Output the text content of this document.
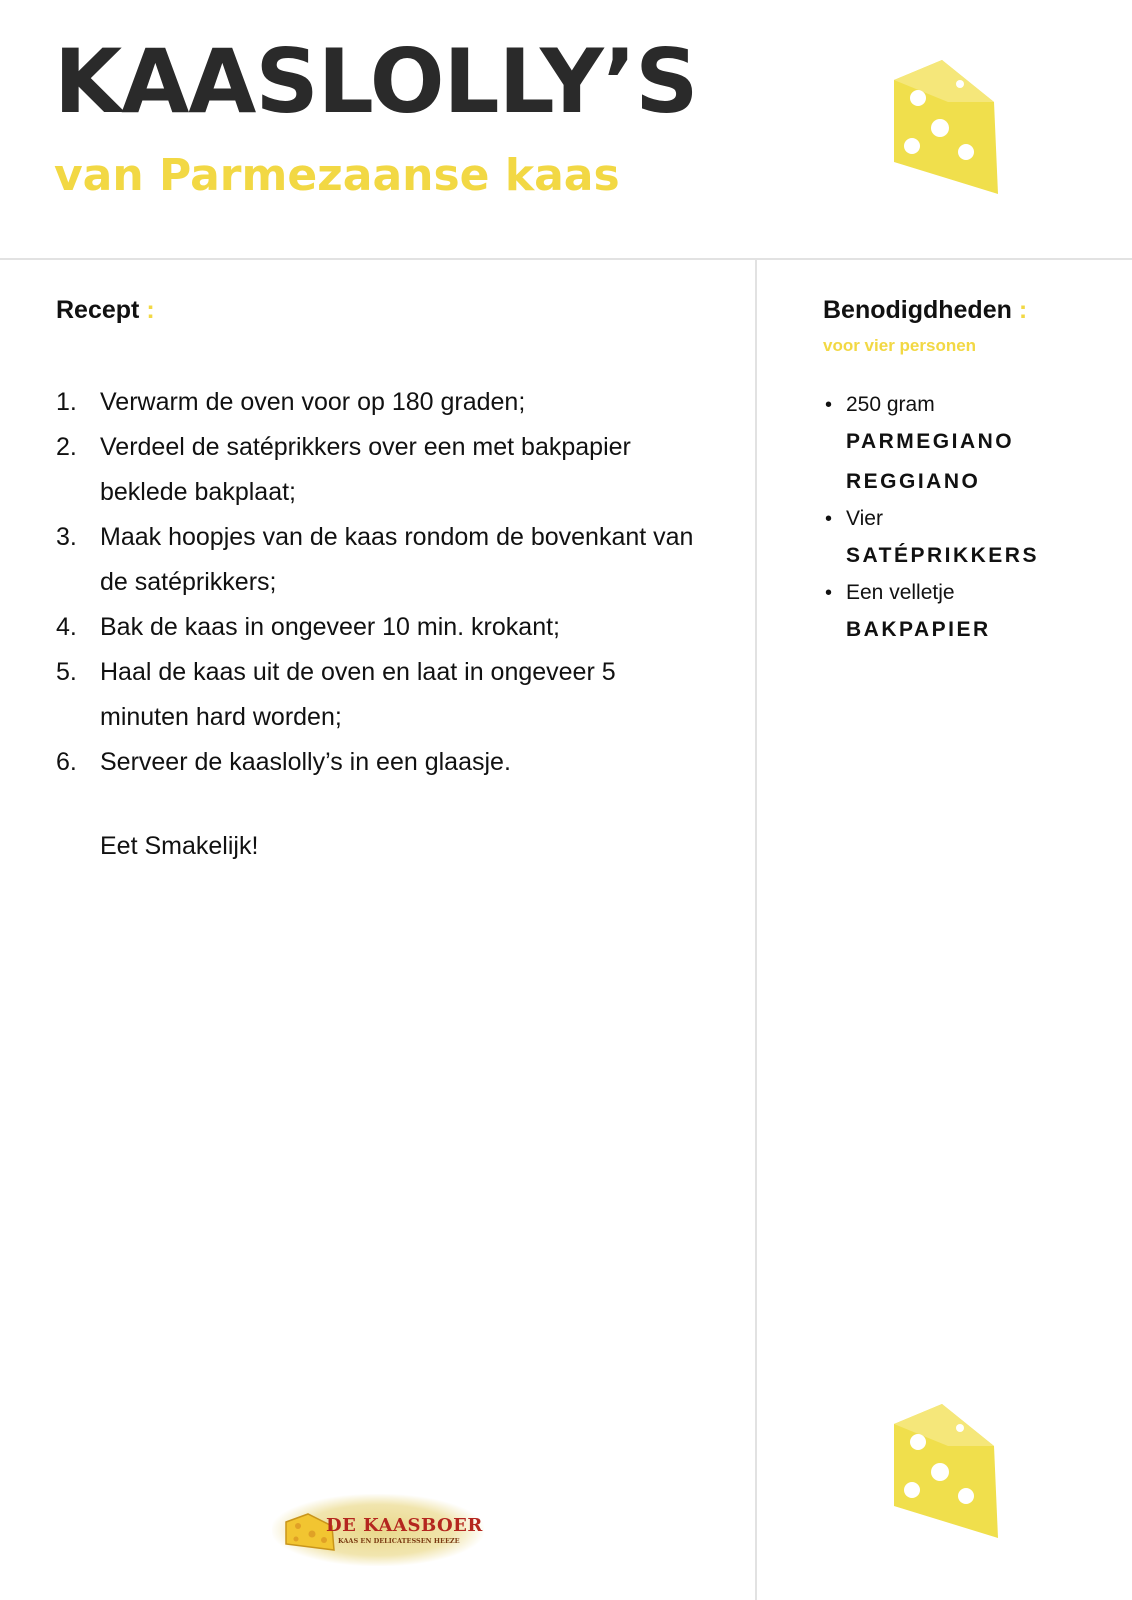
KAASLOLLY’S
van Parmezaanse kaas
Recept :
1. Verwarm de oven voor op 180 graden;
2. Verdeel de satéprikkers over een met bakpapier beklede bakplaat;
3. Maak hoopjes van de kaas rondom de bovenkant van de satéprikkers;
4. Bak de kaas in ongeveer 10 min. krokant;
5. Haal de kaas uit de oven en laat in ongeveer 5 minuten hard worden;
6. Serveer de kaaslolly’s in een glaasje.

Eet Smakelijk!

Benodigdheden :

voor vier personen

• 250 gram
PARMEGIANO REGGIANO
• Vier
SATÉPRIKKERS
• Een velletje
BAKPAPIER

DE KAASBOER

KAAS EN DELICATESSEN HEEZE
